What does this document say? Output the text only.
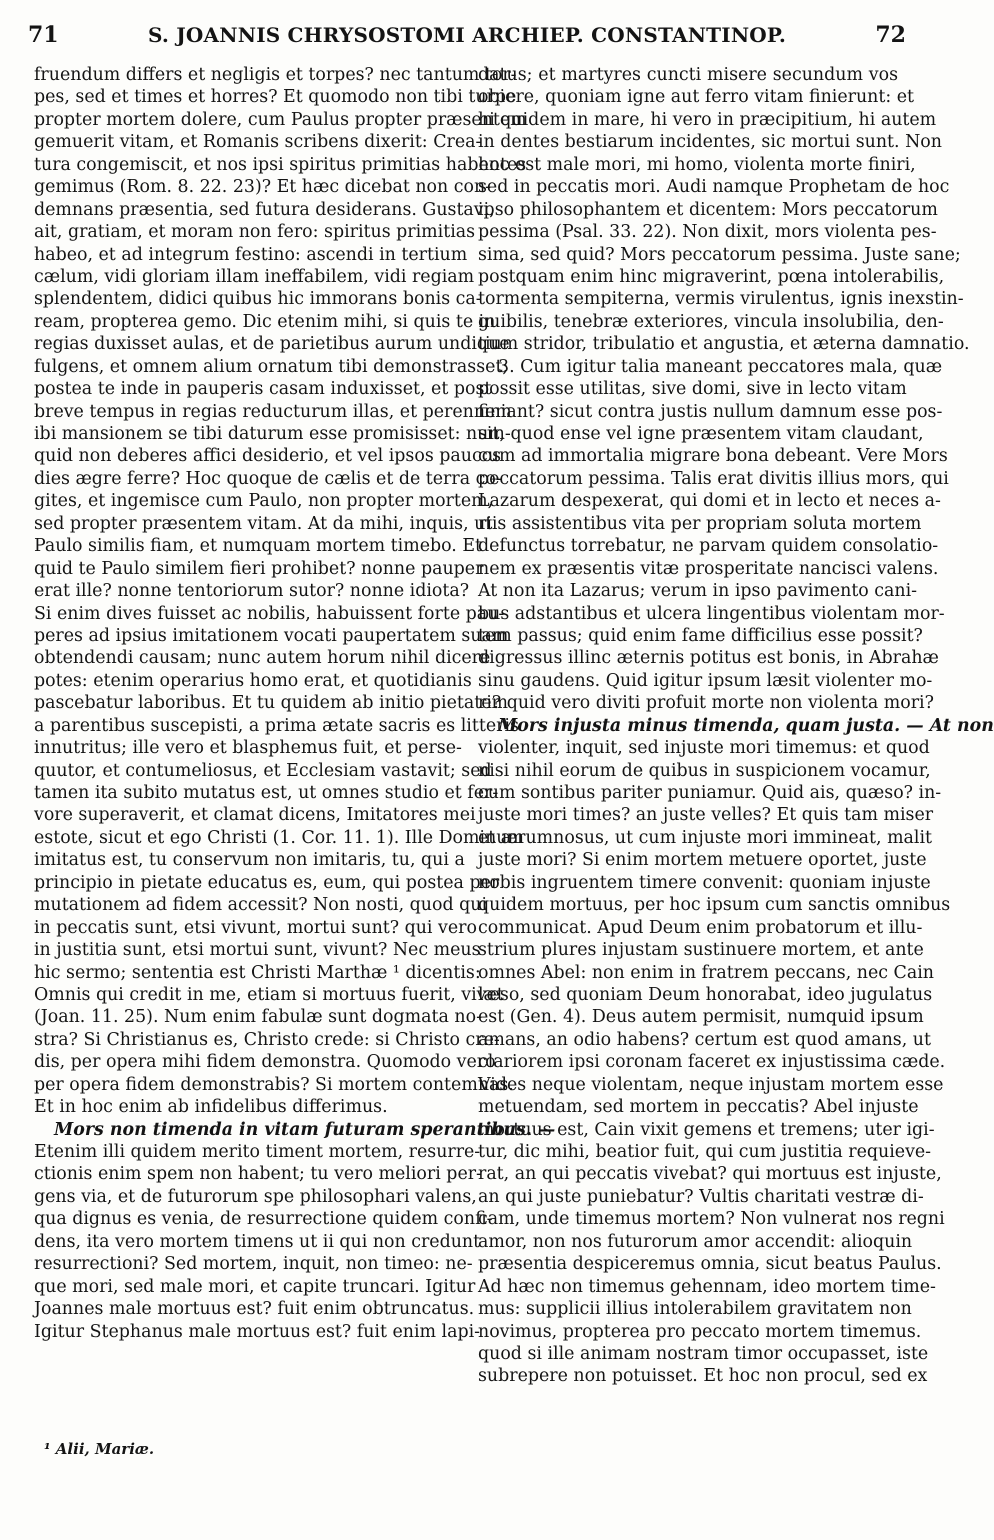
71	S. JOANNIS CHRYSOSTOMI ARCHIEP. CONSTANTINOP.	72
fruendum differs et negligis et torpes? nec tantum tor-
pes, sed et times et horres? Et quomodo non tibi turpe
propter mortem dolere, cum Paulus propter præsentem
gemuerit vitam, et Romanis scribens dixerit: Crea-
tura congemiscit, et nos ipsi spiritus primitias habentes
gemimus (Rom. 8. 22. 23)? Et hæc dicebat non con-
demnans præsentia, sed futura desiderans. Gustavi,
ait, gratiam, et moram non fero: spiritus primitias
habeo, et ad integrum festino: ascendi in tertium
cælum, vidi gloriam illam ineffabilem, vidi regiam
splendentem, didici quibus hic immorans bonis ca-
ream, propterea gemo. Dic etenim mihi, si quis te in
regias duxisset aulas, et de parietibus aurum undique
fulgens, et omnem alium ornatum tibi demonstrasset;
postea te inde in pauperis casam induxisset, et post
breve tempus in regias reducturum illas, et perennem
ibi mansionem se tibi daturum esse promisisset: num-
quid non deberes affici desiderio, et vel ipsos paucos
dies ægre ferre? Hoc quoque de cælis et de terra co-
gites, et ingemisce cum Paulo, non propter mortem,
sed propter præsentem vitam. At da mihi, inquis, ut
Paulo similis fiam, et numquam mortem timebo. Et
quid te Paulo similem fieri prohibet? nonne pauper
erat ille? nonne tentoriorum sutor? nonne idiota?
Si enim dives fuisset ac nobilis, habuissent forte pau-
peres ad ipsius imitationem vocati paupertatem suam
obtendendi causam; nunc autem horum nihil dicere
potes: etenim operarius homo erat, et quotidianis
pascebatur laboribus. Et tu quidem ab initio pietatem
a parentibus suscepisti, a prima ætate sacris es litteris
innutritus; ille vero et blasphemus fuit, et perse-
quutor, et contumeliosus, et Ecclesiam vastavit; sed
tamen ita subito mutatus est, ut omnes studio et fer-
vore superaverit, et clamat dicens, Imitatores mei
estote, sicut et ego Christi (1. Cor. 11. 1). Ille Dominum
imitatus est, tu conservum non imitaris, tu, qui a
principio in pietate educatus es, eum, qui postea per
mutationem ad fidem accessit? Non nosti, quod qui
in peccatis sunt, etsi vivunt, mortui sunt? qui vero
in justitia sunt, etsi mortui sunt, vivunt? Nec meus
hic sermo; sententia est Christi Marthæ ¹ dicentis:
Omnis qui credit in me, etiam si mortuus fuerit, vivet
(Joan. 11. 25). Num enim fabulæ sunt dogmata no-
stra? Si Christianus es, Christo crede: si Christo cre-
dis, per opera mihi fidem demonstra. Quomodo vero
per opera fidem demonstrabis? Si mortem contemnas.
Et in hoc enim ab infidelibus differimus.
Mors non timenda in vitam futuram sperantibus. —
Etenim illi quidem merito timent mortem, resurre-
ctionis enim spem non habent; tu vero meliori per-
gens via, et de futurorum spe philosophari valens,
qua dignus es venia, de resurrectione quidem confi-
dens, ita vero mortem timens ut ii qui non credunt
resurrectioni? Sed mortem, inquit, non timeo: ne-
que mori, sed male mori, et capite truncari. Igitur
Joannes male mortuus est? fuit enim obtruncatus.
Igitur Stephanus male mortuus est? fuit enim lapi-
datus; et martyres cuncti misere secundum vos
obiere, quoniam igne aut ferro vitam finierunt: et
hi quidem in mare, hi vero in præcipitium, hi autem
in dentes bestiarum incidentes, sic mortui sunt. Non
hoc est male mori, mi homo, violenta morte finiri,
sed in peccatis mori. Audi namque Prophetam de hoc
ipso philosophantem et dicentem: Mors peccatorum
pessima (Psal. 33. 22). Non dixit, mors violenta pes-
sima, sed quid? Mors peccatorum pessima. Juste sane;
postquam enim hinc migraverint, pœna intolerabilis,
tormenta sempiterna, vermis virulentus, ignis inexstin-
guibilis, tenebræ exteriores, vincula insolubilia, den-
tium stridor, tribulatio et angustia, et æterna damnatio.
3. Cum igitur talia maneant peccatores mala, quæ
possit esse utilitas, sive domi, sive in lecto vitam
finiant? sicut contra justis nullum damnum esse pos-
sit, quod ense vel igne præsentem vitam claudant,
cum ad immortalia migrare bona debeant. Vere Mors
peccatorum pessima. Talis erat divitis illius mors, qui
Lazarum despexerat, qui domi et in lecto et neces a-
riis assistentibus vita per propriam soluta mortem
defunctus torrebatur, ne parvam quidem consolatio-
nem ex præsentis vitæ prosperitate nancisci valens.
At non ita Lazarus; verum in ipso pavimento cani-
bus adstantibus et ulcera lingentibus violentam mor-
tem passus; quid enim fame difficilius esse possit?
digressus illinc æternis potitus est bonis, in Abrahæ
sinu gaudens. Quid igitur ipsum læsit violenter mo-
ri? quid vero diviti profuit morte non violenta mori?
Mors injusta minus timenda, quam justa. — At non
violenter, inquit, sed injuste mori timemus: et quod
nisi nihil eorum de quibus in suspicionem vocamur,
cum sontibus pariter puniamur. Quid ais, quæso? in-
juste mori times? an juste velles? Et quis tam miser
et ærumnosus, ut cum injuste mori immineat, malit
juste mori? Si enim mortem metuere oportet, juste
nobis ingruentem timere convenit: quoniam injuste
quidem mortuus, per hoc ipsum cum sanctis omnibus
communicat. Apud Deum enim probatorum et illu-
strium plures injustam sustinuere mortem, et ante
omnes Abel: non enim in fratrem peccans, nec Cain
læso, sed quoniam Deum honorabat, ideo jugulatus
est (Gen. 4). Deus autem permisit, numquid ipsum
amans, an odio habens? certum est quod amans, ut
clariorem ipsi coronam faceret ex injustissima cæde.
Vides neque violentam, neque injustam mortem esse
metuendam, sed mortem in peccatis? Abel injuste
mortuus est, Cain vixit gemens et tremens; uter igi-
tur, dic mihi, beatior fuit, qui cum justitia requieve-
rat, an qui peccatis vivebat? qui mortuus est injuste,
an qui juste puniebatur? Vultis charitati vestræ di-
cam, unde timemus mortem? Non vulnerat nos regni
amor, non nos futurorum amor accendit: alioquin
præsentia despiceremus omnia, sicut beatus Paulus.
Ad hæc non timemus gehennam, ideo mortem time-
mus: supplicii illius intolerabilem gravitatem non
novimus, propterea pro peccato mortem timemus.
quod si ille animam nostram timor occupasset, iste
subrepere non potuisset. Et hoc non procul, sed ex
¹ Alii, Mariæ.
